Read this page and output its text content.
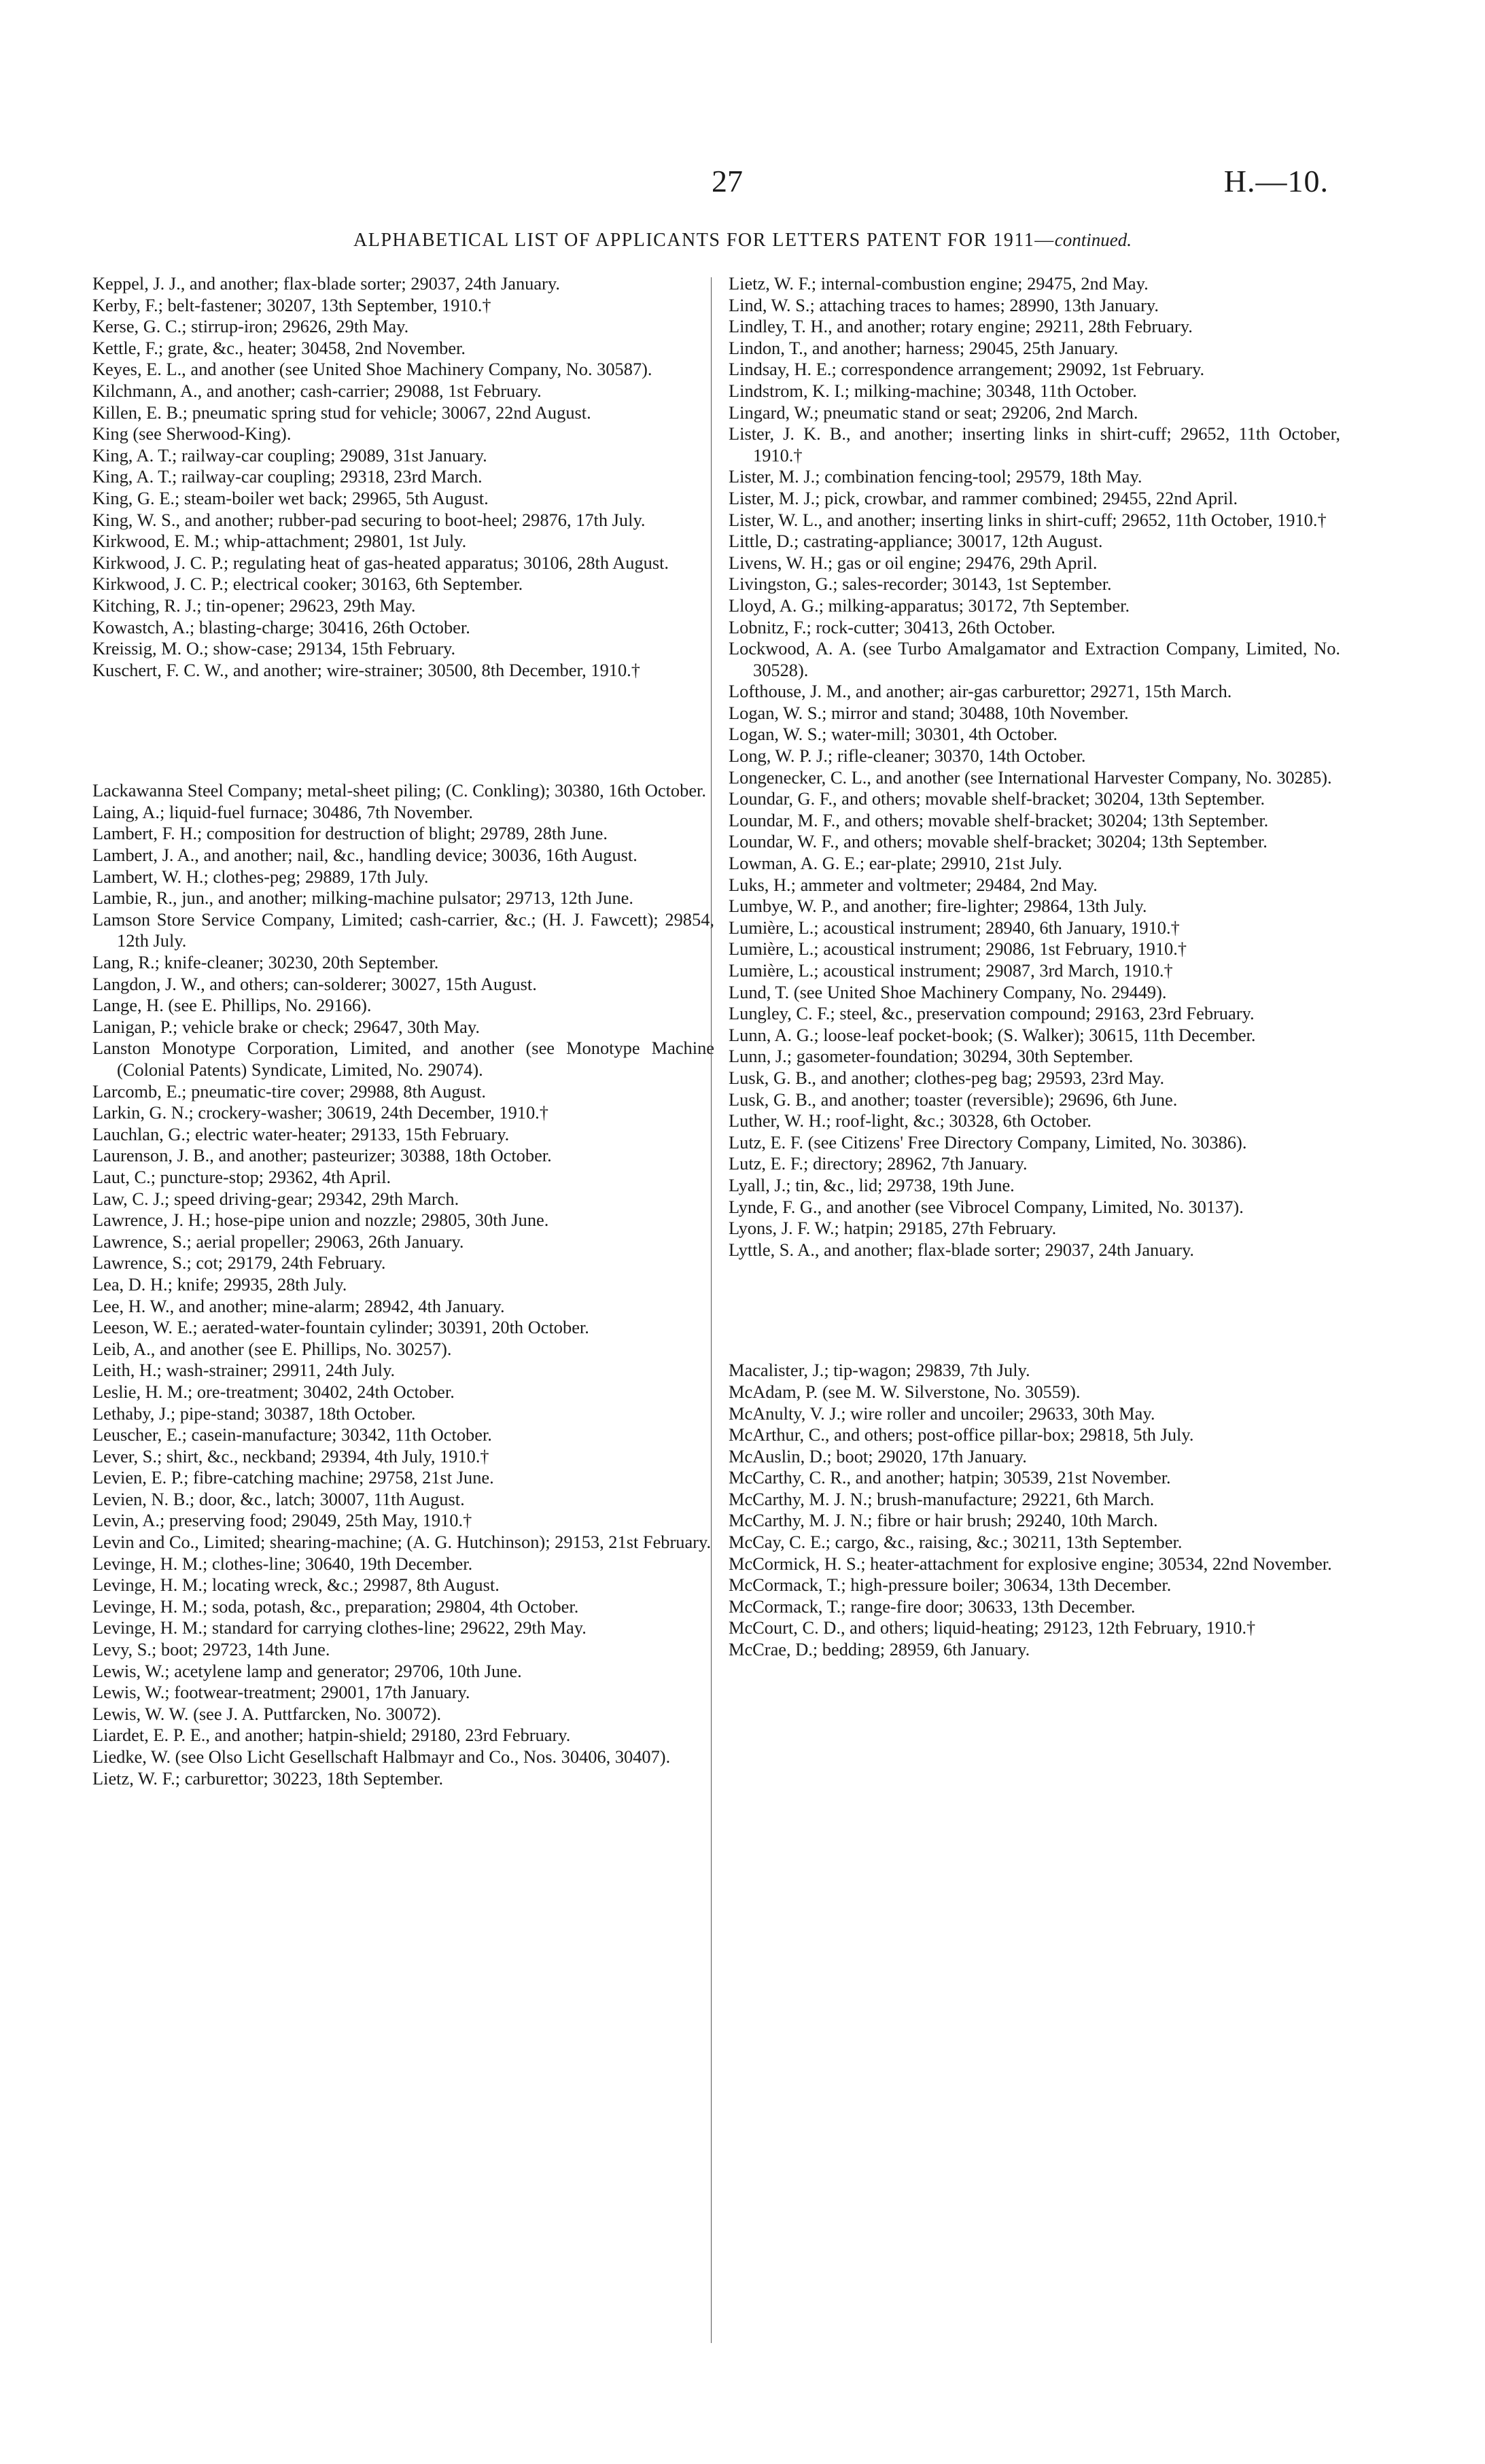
27	H.—10.
ALPHABETICAL LIST OF APPLICANTS FOR LETTERS PATENT FOR 1911—continued.
Keppel, J. J., and another; flax-blade sorter; 29037, 24th January.
Kerby, F.; belt-fastener; 30207, 13th September, 1910.†
Kerse, G. C.; stirrup-iron; 29626, 29th May.
Kettle, F.; grate, &c., heater; 30458, 2nd November.
Keyes, E. L., and another (see United Shoe Machinery Company, No. 30587).
Kilchmann, A., and another; cash-carrier; 29088, 1st February.
Killen, E. B.; pneumatic spring stud for vehicle; 30067, 22nd August.
King (see Sherwood-King).
King, A. T.; railway-car coupling; 29089, 31st January.
King, A. T.; railway-car coupling; 29318, 23rd March.
King, G. E.; steam-boiler wet back; 29965, 5th August.
King, W. S., and another; rubber-pad securing to boot-heel; 29876, 17th July.
Kirkwood, E. M.; whip-attachment; 29801, 1st July.
Kirkwood, J. C. P.; regulating heat of gas-heated apparatus; 30106, 28th August.
Kirkwood, J. C. P.; electrical cooker; 30163, 6th September.
Kitching, R. J.; tin-opener; 29623, 29th May.
Kowastch, A.; blasting-charge; 30416, 26th October.
Kreissig, M. O.; show-case; 29134, 15th February.
Kuschert, F. C. W., and another; wire-strainer; 30500, 8th December, 1910.†
Lackawanna Steel Company; metal-sheet piling; (C. Conkling); 30380, 16th October.
Laing, A.; liquid-fuel furnace; 30486, 7th November.
Lambert, F. H.; composition for destruction of blight; 29789, 28th June.
Lambert, J. A., and another; nail, &c., handling device; 30036, 16th August.
Lambert, W. H.; clothes-peg; 29889, 17th July.
Lambie, R., jun., and another; milking-machine pulsator; 29713, 12th June.
Lamson Store Service Company, Limited; cash-carrier, &c.; (H. J. Fawcett); 29854, 12th July.
Lang, R.; knife-cleaner; 30230, 20th September.
Langdon, J. W., and others; can-solderer; 30027, 15th August.
Lange, H. (see E. Phillips, No. 29166).
Lanigan, P.; vehicle brake or check; 29647, 30th May.
Lanston Monotype Corporation, Limited, and another (see Monotype Machine (Colonial Patents) Syndicate, Limited, No. 29074).
Larcomb, E.; pneumatic-tire cover; 29988, 8th August.
Larkin, G. N.; crockery-washer; 30619, 24th December, 1910.†
Lauchlan, G.; electric water-heater; 29133, 15th February.
Laurenson, J. B., and another; pasteurizer; 30388, 18th October.
Laut, C.; puncture-stop; 29362, 4th April.
Law, C. J.; speed driving-gear; 29342, 29th March.
Lawrence, J. H.; hose-pipe union and nozzle; 29805, 30th June.
Lawrence, S.; aerial propeller; 29063, 26th January.
Lawrence, S.; cot; 29179, 24th February.
Lea, D. H.; knife; 29935, 28th July.
Lee, H. W., and another; mine-alarm; 28942, 4th January.
Leeson, W. E.; aerated-water-fountain cylinder; 30391, 20th October.
Leib, A., and another (see E. Phillips, No. 30257).
Leith, H.; wash-strainer; 29911, 24th July.
Leslie, H. M.; ore-treatment; 30402, 24th October.
Lethaby, J.; pipe-stand; 30387, 18th October.
Leuscher, E.; casein-manufacture; 30342, 11th October.
Lever, S.; shirt, &c., neckband; 29394, 4th July, 1910.†
Levien, E. P.; fibre-catching machine; 29758, 21st June.
Levien, N. B.; door, &c., latch; 30007, 11th August.
Levin, A.; preserving food; 29049, 25th May, 1910.†
Levin and Co., Limited; shearing-machine; (A. G. Hutchinson); 29153, 21st February.
Levinge, H. M.; clothes-line; 30640, 19th December.
Levinge, H. M.; locating wreck, &c.; 29987, 8th August.
Levinge, H. M.; soda, potash, &c., preparation; 29804, 4th October.
Levinge, H. M.; standard for carrying clothes-line; 29622, 29th May.
Levy, S.; boot; 29723, 14th June.
Lewis, W.; acetylene lamp and generator; 29706, 10th June.
Lewis, W.; footwear-treatment; 29001, 17th January.
Lewis, W. W. (see J. A. Puttfarcken, No. 30072).
Liardet, E. P. E., and another; hatpin-shield; 29180, 23rd February.
Liedke, W. (see Olso Licht Gesellschaft Halbmayr and Co., Nos. 30406, 30407).
Lietz, W. F.; carburettor; 30223, 18th September.
Lietz, W. F.; internal-combustion engine; 29475, 2nd May.
Lind, W. S.; attaching traces to hames; 28990, 13th January.
Lindley, T. H., and another; rotary engine; 29211, 28th February.
Lindon, T., and another; harness; 29045, 25th January.
Lindsay, H. E.; correspondence arrangement; 29092, 1st February.
Lindstrom, K. I.; milking-machine; 30348, 11th October.
Lingard, W.; pneumatic stand or seat; 29206, 2nd March.
Lister, J. K. B., and another; inserting links in shirt-cuff; 29652, 11th October, 1910.†
Lister, M. J.; combination fencing-tool; 29579, 18th May.
Lister, M. J.; pick, crowbar, and rammer combined; 29455, 22nd April.
Lister, W. L., and another; inserting links in shirt-cuff; 29652, 11th October, 1910.†
Little, D.; castrating-appliance; 30017, 12th August.
Livens, W. H.; gas or oil engine; 29476, 29th April.
Livingston, G.; sales-recorder; 30143, 1st September.
Lloyd, A. G.; milking-apparatus; 30172, 7th September.
Lobnitz, F.; rock-cutter; 30413, 26th October.
Lockwood, A. A. (see Turbo Amalgamator and Extraction Company, Limited, No. 30528).
Lofthouse, J. M., and another; air-gas carburettor; 29271, 15th March.
Logan, W. S.; mirror and stand; 30488, 10th November.
Logan, W. S.; water-mill; 30301, 4th October.
Long, W. P. J.; rifle-cleaner; 30370, 14th October.
Longenecker, C. L., and another (see International Harvester Company, No. 30285).
Loundar, G. F., and others; movable shelf-bracket; 30204, 13th September.
Loundar, M. F., and others; movable shelf-bracket; 30204; 13th September.
Loundar, W. F., and others; movable shelf-bracket; 30204; 13th September.
Lowman, A. G. E.; ear-plate; 29910, 21st July.
Luks, H.; ammeter and voltmeter; 29484, 2nd May.
Lumbye, W. P., and another; fire-lighter; 29864, 13th July.
Lumière, L.; acoustical instrument; 28940, 6th January, 1910.†
Lumière, L.; acoustical instrument; 29086, 1st February, 1910.†
Lumière, L.; acoustical instrument; 29087, 3rd March, 1910.†
Lund, T. (see United Shoe Machinery Company, No. 29449).
Lungley, C. F.; steel, &c., preservation compound; 29163, 23rd February.
Lunn, A. G.; loose-leaf pocket-book; (S. Walker); 30615, 11th December.
Lunn, J.; gasometer-foundation; 30294, 30th September.
Lusk, G. B., and another; clothes-peg bag; 29593, 23rd May.
Lusk, G. B., and another; toaster (reversible); 29696, 6th June.
Luther, W. H.; roof-light, &c.; 30328, 6th October.
Lutz, E. F. (see Citizens' Free Directory Company, Limited, No. 30386).
Lutz, E. F.; directory; 28962, 7th January.
Lyall, J.; tin, &c., lid; 29738, 19th June.
Lynde, F. G., and another (see Vibrocel Company, Limited, No. 30137).
Lyons, J. F. W.; hatpin; 29185, 27th February.
Lyttle, S. A., and another; flax-blade sorter; 29037, 24th January.
Macalister, J.; tip-wagon; 29839, 7th July.
McAdam, P. (see M. W. Silverstone, No. 30559).
McAnulty, V. J.; wire roller and uncoiler; 29633, 30th May.
McArthur, C., and others; post-office pillar-box; 29818, 5th July.
McAuslin, D.; boot; 29020, 17th January.
McCarthy, C. R., and another; hatpin; 30539, 21st November.
McCarthy, M. J. N.; brush-manufacture; 29221, 6th March.
McCarthy, M. J. N.; fibre or hair brush; 29240, 10th March.
McCay, C. E.; cargo, &c., raising, &c.; 30211, 13th September.
McCormick, H. S.; heater-attachment for explosive engine; 30534, 22nd November.
McCormack, T.; high-pressure boiler; 30634, 13th December.
McCormack, T.; range-fire door; 30633, 13th December.
McCourt, C. D., and others; liquid-heating; 29123, 12th February, 1910.†
McCrae, D.; bedding; 28959, 6th January.
